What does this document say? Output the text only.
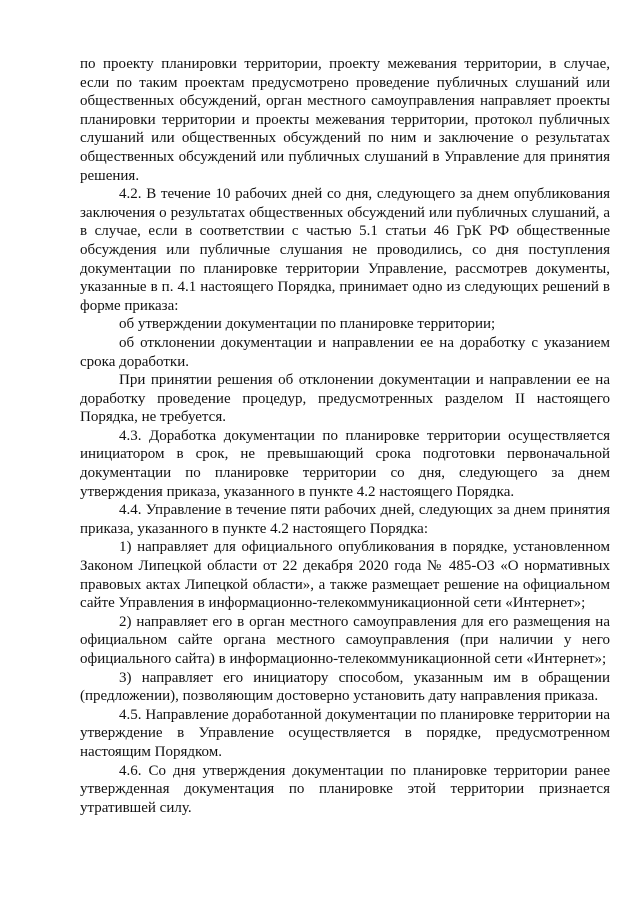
по проекту планировки территории, проекту межевания территории, в случае, если по таким проектам предусмотрено проведение публичных слушаний или общественных обсуждений, орган местного самоуправления направляет проекты планировки территории и проекты межевания территории, протокол публичных слушаний или общественных обсуждений по ним и заключение о результатах общественных обсуждений или публичных слушаний в Управление для принятия решения.

4.2. В течение 10 рабочих дней со дня, следующего за днем опубликования заключения о результатах общественных обсуждений или публичных слушаний, а в случае, если в соответствии с частью 5.1 статьи 46 ГрК РФ общественные обсуждения или публичные слушания не проводились, со дня поступления документации по планировке территории Управление, рассмотрев документы, указанные в п. 4.1 настоящего Порядка, принимает одно из следующих решений в форме приказа:

об утверждении документации по планировке территории;

об отклонении документации и направлении ее на доработку с указанием срока доработки.

При принятии решения об отклонении документации и направлении ее на доработку проведение процедур, предусмотренных разделом II настоящего Порядка, не требуется.

4.3. Доработка документации по планировке территории осуществляется инициатором в срок, не превышающий срока подготовки первоначальной документации по планировке территории со дня, следующего за днем утверждения приказа, указанного в пункте 4.2 настоящего Порядка.

4.4. Управление в течение пяти рабочих дней, следующих за днем принятия приказа, указанного в пункте 4.2 настоящего Порядка:

1) направляет для официального опубликования в порядке, установленном Законом Липецкой области от 22 декабря 2020 года № 485-ОЗ «О нормативных правовых актах Липецкой области», а также размещает решение на официальном сайте Управления в информационно-телекоммуникационной сети «Интернет»;

2) направляет его в орган местного самоуправления для его размещения на официальном сайте органа местного самоуправления (при наличии у него официального сайта) в информационно-телекоммуникационной сети «Интернет»;

3) направляет его инициатору способом, указанным им в обращении (предложении), позволяющим достоверно установить дату направления приказа.

4.5. Направление доработанной документации по планировке территории на утверждение в Управление осуществляется в порядке, предусмотренном настоящим Порядком.

4.6. Со дня утверждения документации по планировке территории ранее утвержденная документация по планировке этой территории признается утратившей силу.
